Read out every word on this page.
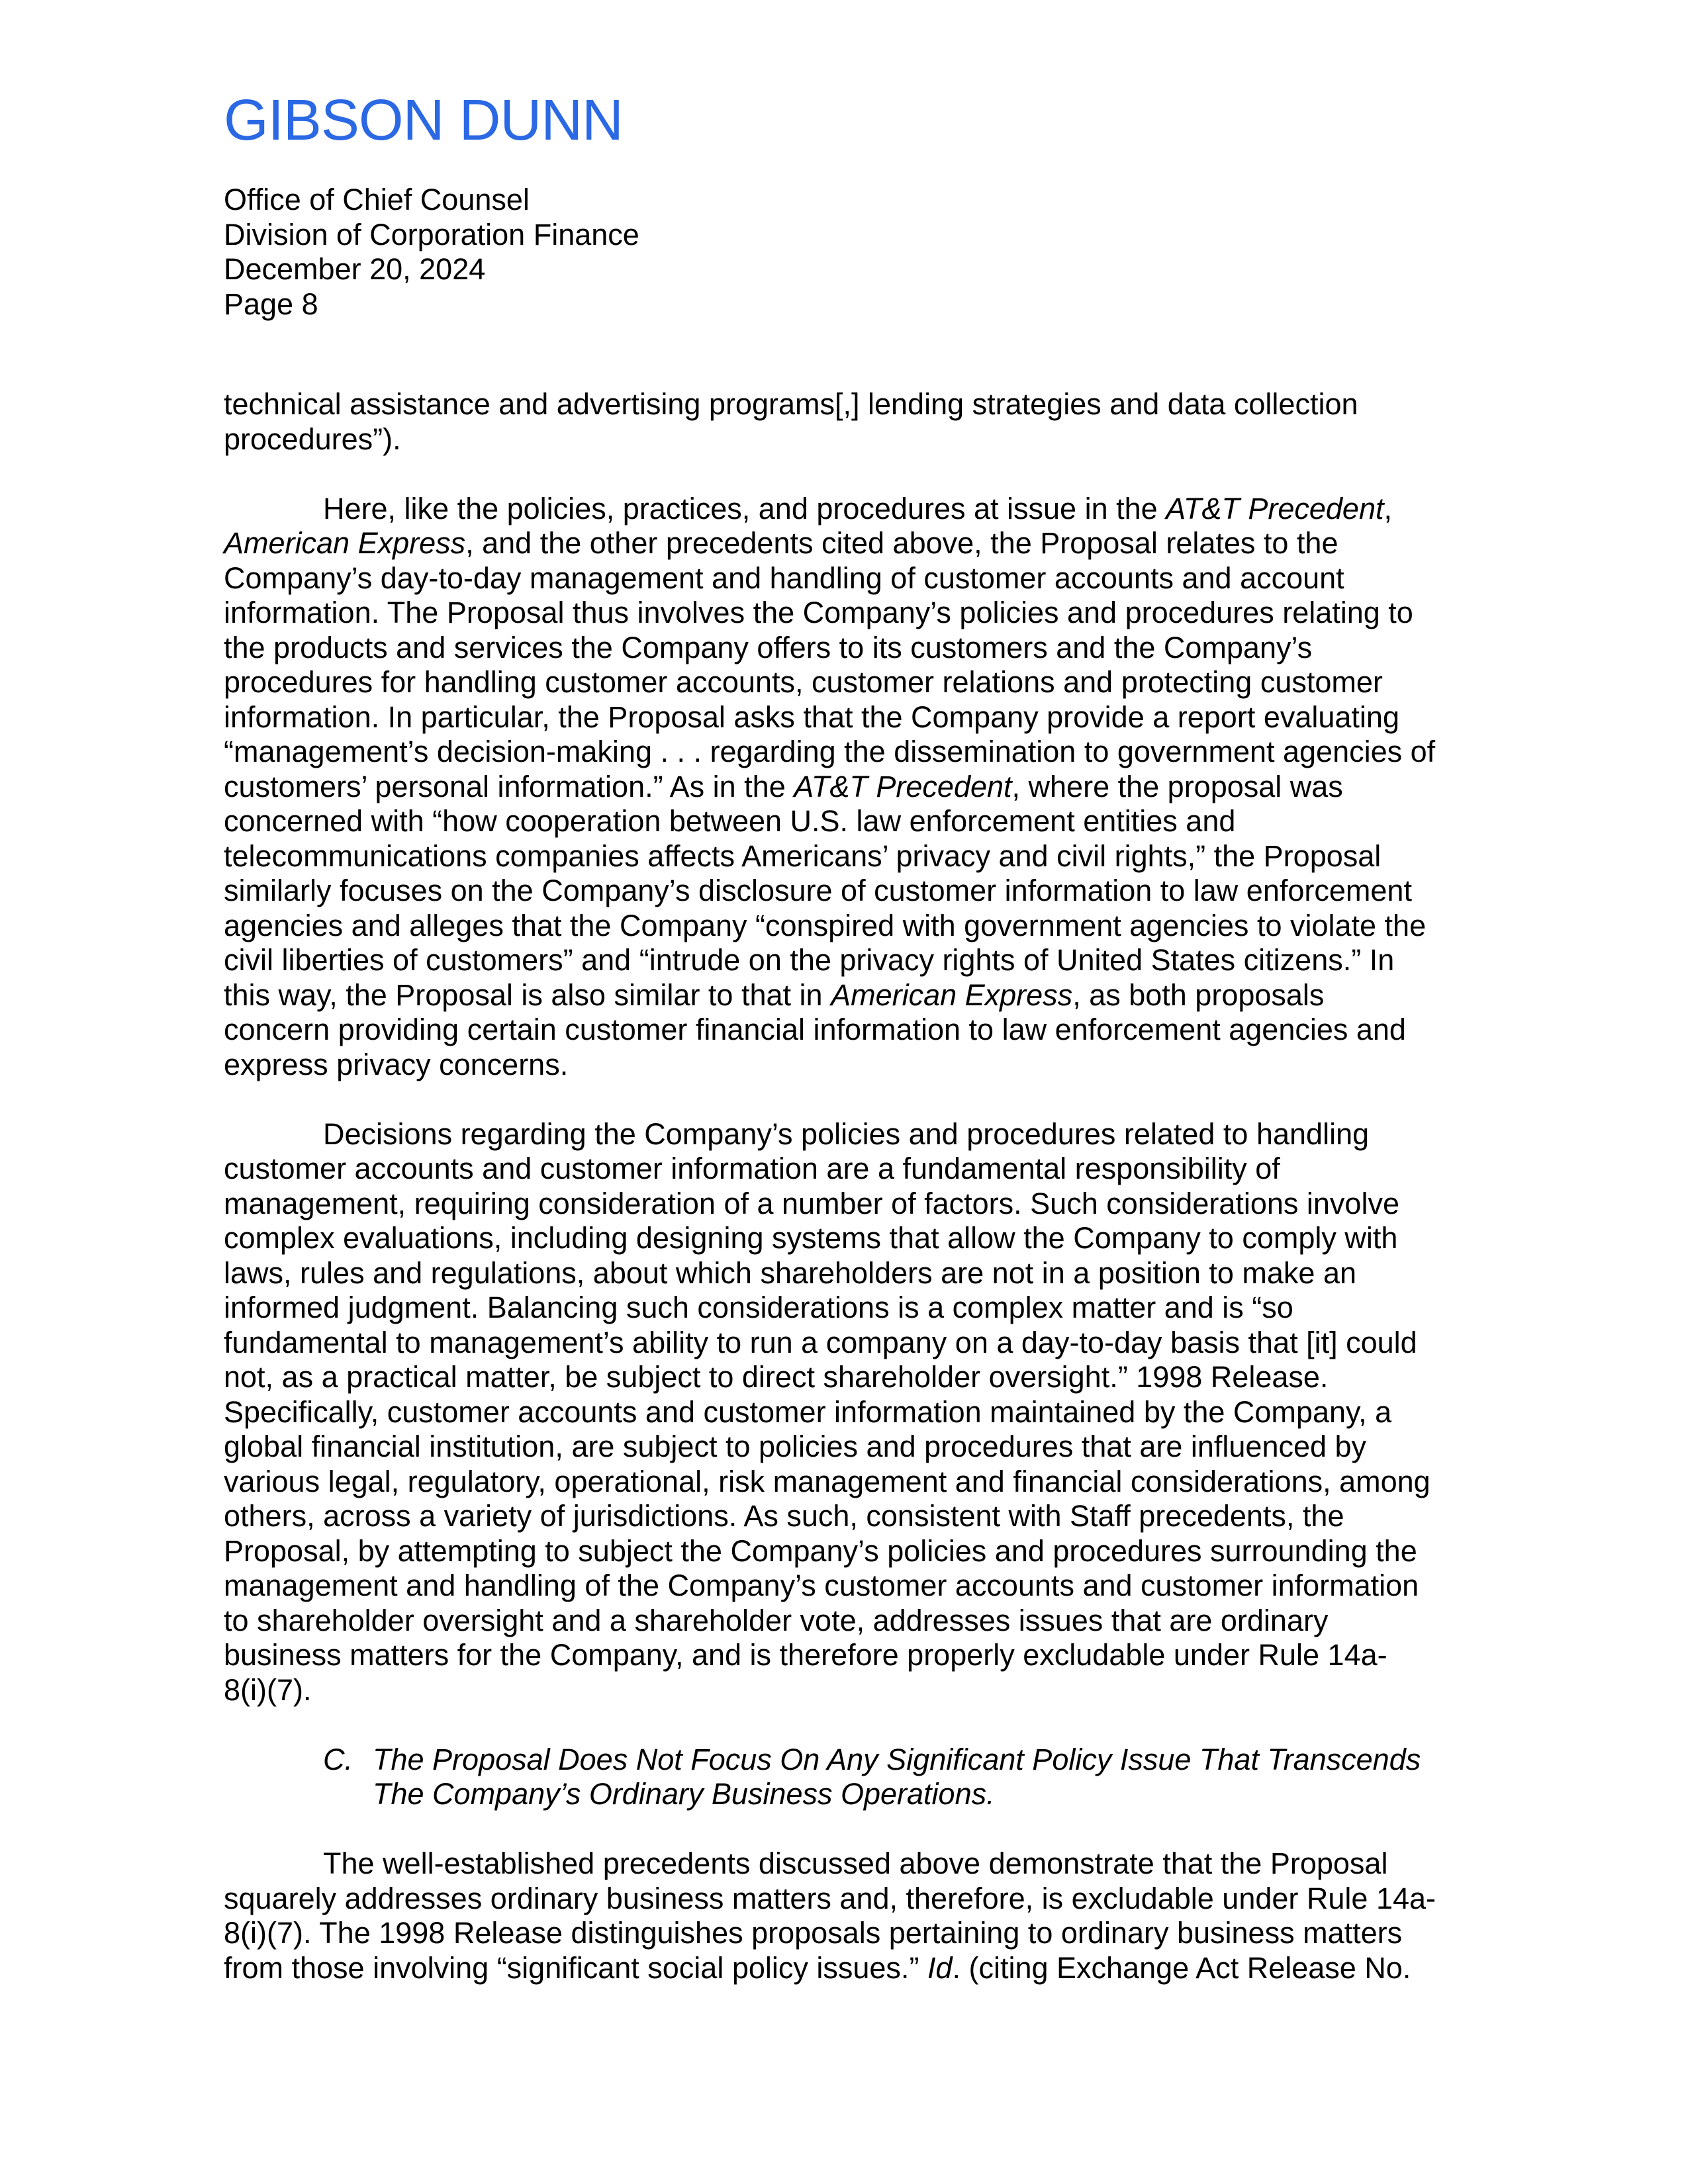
GIBSON DUNN
Office of Chief Counsel
Division of Corporation Finance
December 20, 2024
Page 8

technical assistance and advertising programs[,] lending strategies and data collection
procedures”).

Here, like the policies, practices, and procedures at issue in the AT&T Precedent,
American Express, and the other precedents cited above, the Proposal relates to the
Company’s day-to-day management and handling of customer accounts and account
information. The Proposal thus involves the Company’s policies and procedures relating to
the products and services the Company offers to its customers and the Company’s
procedures for handling customer accounts, customer relations and protecting customer
information. In particular, the Proposal asks that the Company provide a report evaluating
“management’s decision-making . . . regarding the dissemination to government agencies of
customers’ personal information.” As in the AT&T Precedent, where the proposal was
concerned with “how cooperation between U.S. law enforcement entities and
telecommunications companies affects Americans’ privacy and civil rights,” the Proposal
similarly focuses on the Company’s disclosure of customer information to law enforcement
agencies and alleges that the Company “conspired with government agencies to violate the
civil liberties of customers” and “intrude on the privacy rights of United States citizens.” In
this way, the Proposal is also similar to that in American Express, as both proposals
concern providing certain customer financial information to law enforcement agencies and
express privacy concerns.

Decisions regarding the Company’s policies and procedures related to handling
customer accounts and customer information are a fundamental responsibility of
management, requiring consideration of a number of factors. Such considerations involve
complex evaluations, including designing systems that allow the Company to comply with
laws, rules and regulations, about which shareholders are not in a position to make an
informed judgment. Balancing such considerations is a complex matter and is “so
fundamental to management’s ability to run a company on a day-to-day basis that [it] could
not, as a practical matter, be subject to direct shareholder oversight.” 1998 Release.
Specifically, customer accounts and customer information maintained by the Company, a
global financial institution, are subject to policies and procedures that are influenced by
various legal, regulatory, operational, risk management and financial considerations, among
others, across a variety of jurisdictions. As such, consistent with Staff precedents, the
Proposal, by attempting to subject the Company’s policies and procedures surrounding the
management and handling of the Company’s customer accounts and customer information
to shareholder oversight and a shareholder vote, addresses issues that are ordinary
business matters for the Company, and is therefore properly excludable under Rule 14a-
8(i)(7).

C. The Proposal Does Not Focus On Any Significant Policy Issue That Transcends
The Company’s Ordinary Business Operations.

The well-established precedents discussed above demonstrate that the Proposal
squarely addresses ordinary business matters and, therefore, is excludable under Rule 14a-
8(i)(7). The 1998 Release distinguishes proposals pertaining to ordinary business matters
from those involving “significant social policy issues.” Id. (citing Exchange Act Release No.
